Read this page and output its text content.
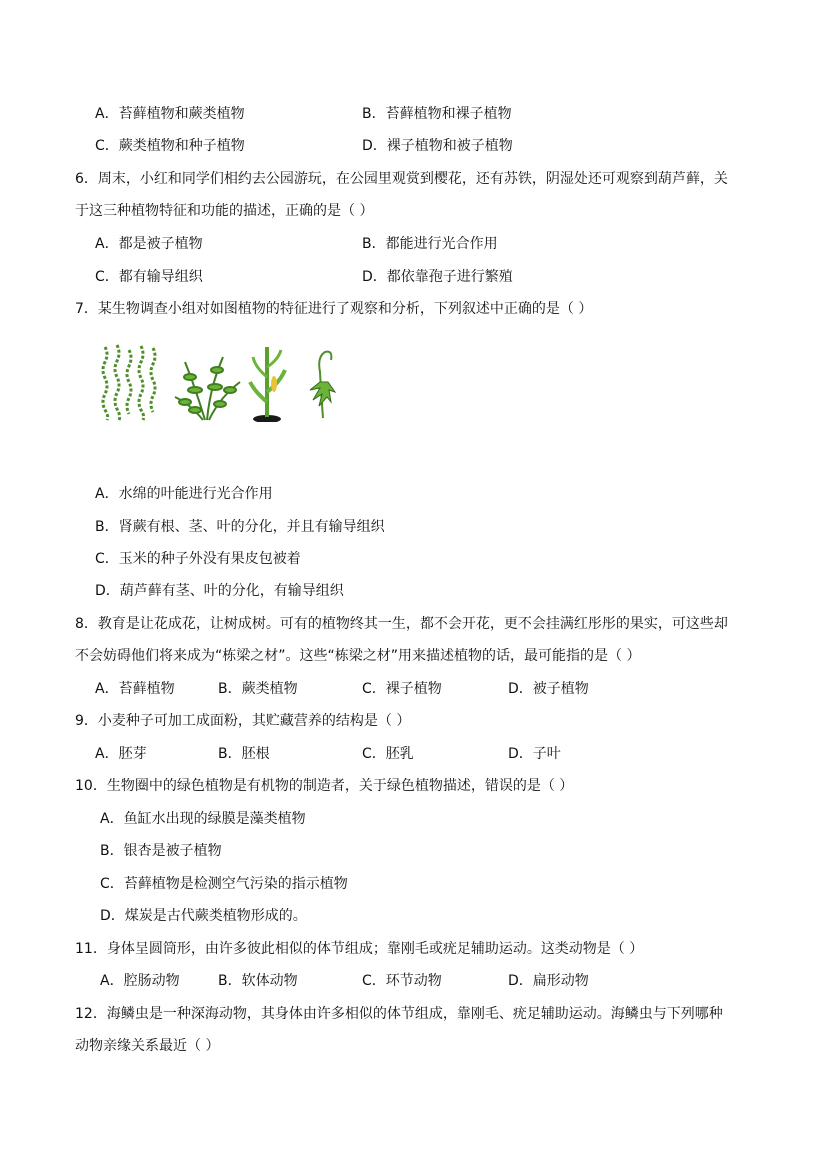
A．苔藓植物和蕨类植物	B．苔藓植物和裸子植物
C．蕨类植物和种子植物	D．裸子植物和被子植物
6．周末，小红和同学们相约去公园游玩，在公园里观赏到樱花，还有苏铁，阴湿处还可观察到葫芦藓，关
于这三种植物特征和功能的描述，正确的是（ ）
A．都是被子植物	B．都能进行光合作用
C．都有输导组织	D．都依靠孢子进行繁殖
7．某生物调查小组对如图植物的特征进行了观察和分析，下列叙述中正确的是（ ）
A．水绵的叶能进行光合作用
B．肾蕨有根、茎、叶的分化，并且有输导组织
C．玉米的种子外没有果皮包被着
D．葫芦藓有茎、叶的分化，有输导组织
8．教育是让花成花，让树成树。可有的植物终其一生，都不会开花，更不会挂满红彤彤的果实，可这些却
不会妨碍他们将来成为“栋梁之材”。这些“栋梁之材”用来描述植物的话，最可能指的是（ ）
A．苔藓植物	B．蕨类植物	C．裸子植物	D．被子植物
9．小麦种子可加工成面粉，其贮藏营养的结构是（ ）
A．胚芽	B．胚根	C．胚乳	D．子叶
10．生物圈中的绿色植物是有机物的制造者，关于绿色植物描述，错误的是（ ）
A．鱼缸水出现的绿膜是藻类植物
B．银杏是被子植物
C．苔藓植物是检测空气污染的指示植物
D．煤炭是古代蕨类植物形成的。
11．身体呈圆筒形，由许多彼此相似的体节组成；靠刚毛或疣足辅助运动。这类动物是（ ）
A．腔肠动物	B．软体动物	C．环节动物	D．扁形动物
12．海鳞虫是一种深海动物，其身体由许多相似的体节组成，靠刚毛、疣足辅助运动。海鳞虫与下列哪种
动物亲缘关系最近（ ）
